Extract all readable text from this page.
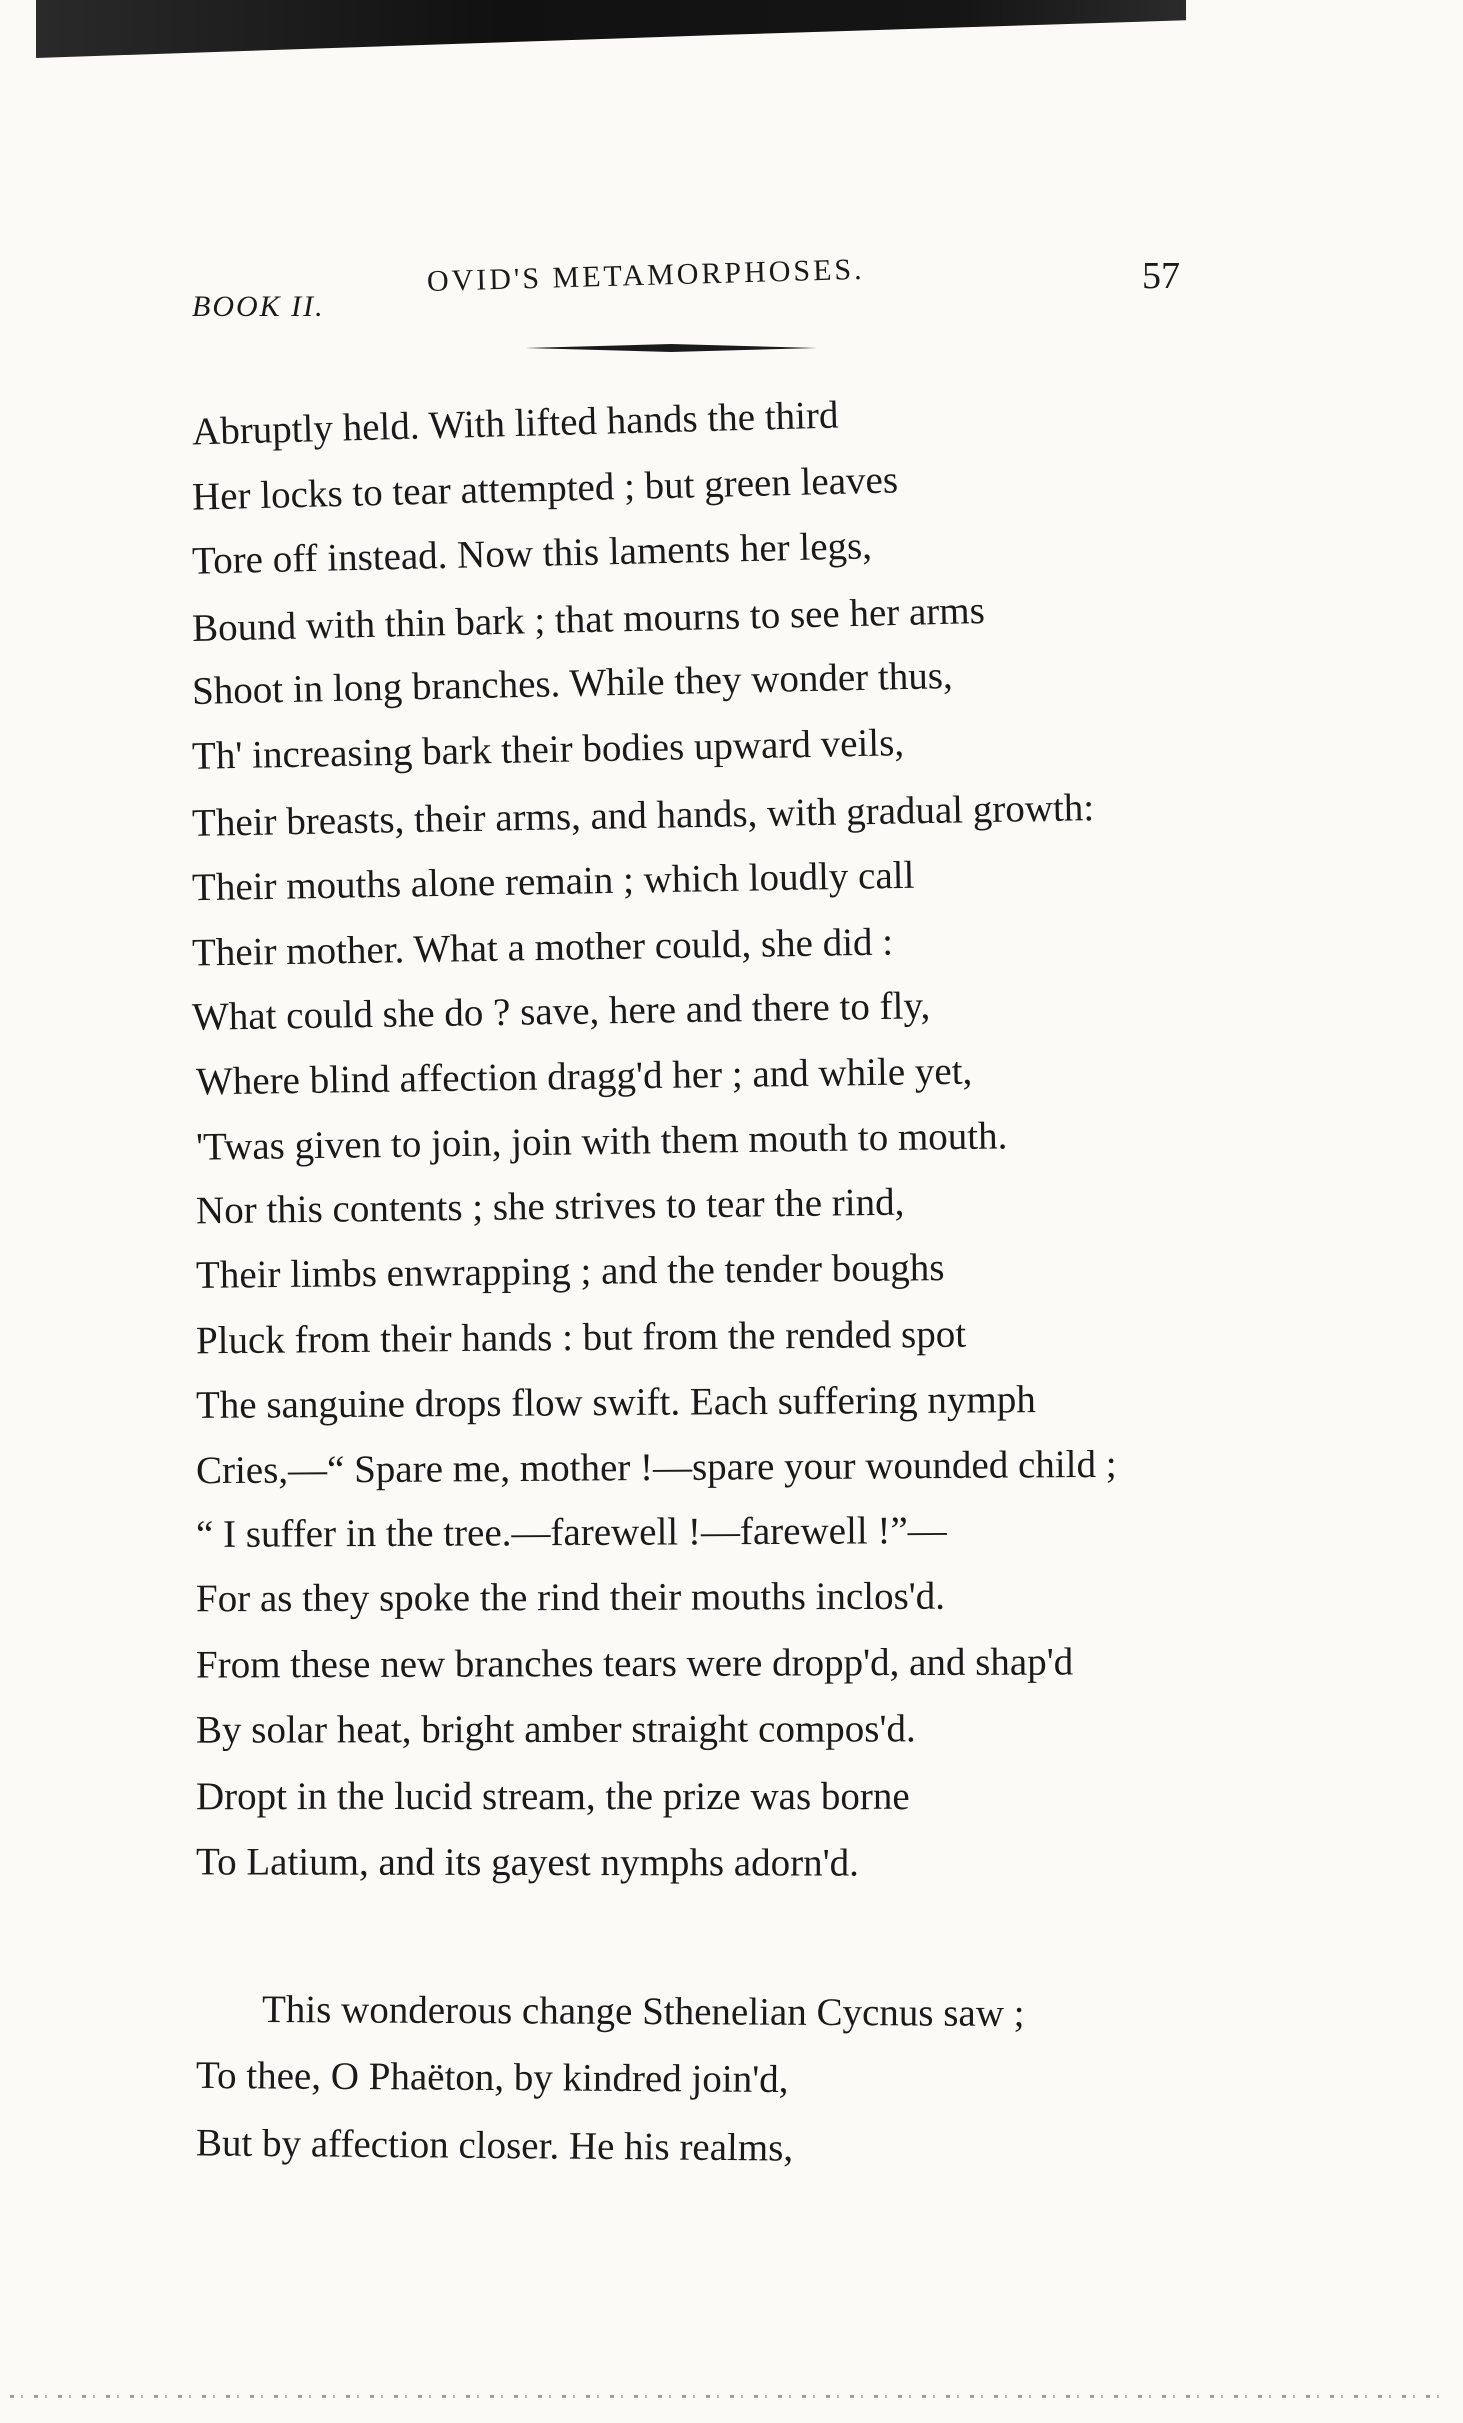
BOOK II.
OVID'S METAMORPHOSES.	57
Abruptly held. With lifted hands the third
Her locks to tear attempted ; but green leaves
Tore off instead. Now this laments her legs,
Bound with thin bark ; that mourns to see her arms
Shoot in long branches. While they wonder thus,
Th' increasing bark their bodies upward veils,
Their breasts, their arms, and hands, with gradual growth:
Their mouths alone remain ; which loudly call
Their mother. What a mother could, she did :
What could she do ? save, here and there to fly,
Where blind affection dragg'd her ; and while yet,
'Twas given to join, join with them mouth to mouth.
Nor this contents ; she strives to tear the rind,
Their limbs enwrapping ; and the tender boughs
Pluck from their hands : but from the rended spot
The sanguine drops flow swift. Each suffering nymph
Cries,—“ Spare me, mother !—spare your wounded child ;
“ I suffer in the tree.—farewell !—farewell !”—
For as they spoke the rind their mouths inclos'd.
From these new branches tears were dropp'd, and shap'd
By solar heat, bright amber straight compos'd.
Dropt in the lucid stream, the prize was borne
To Latium, and its gayest nymphs adorn'd.
This wonderous change Sthenelian Cycnus saw ;
To thee, O Phaëton, by kindred join'd,
But by affection closer. He his realms,
